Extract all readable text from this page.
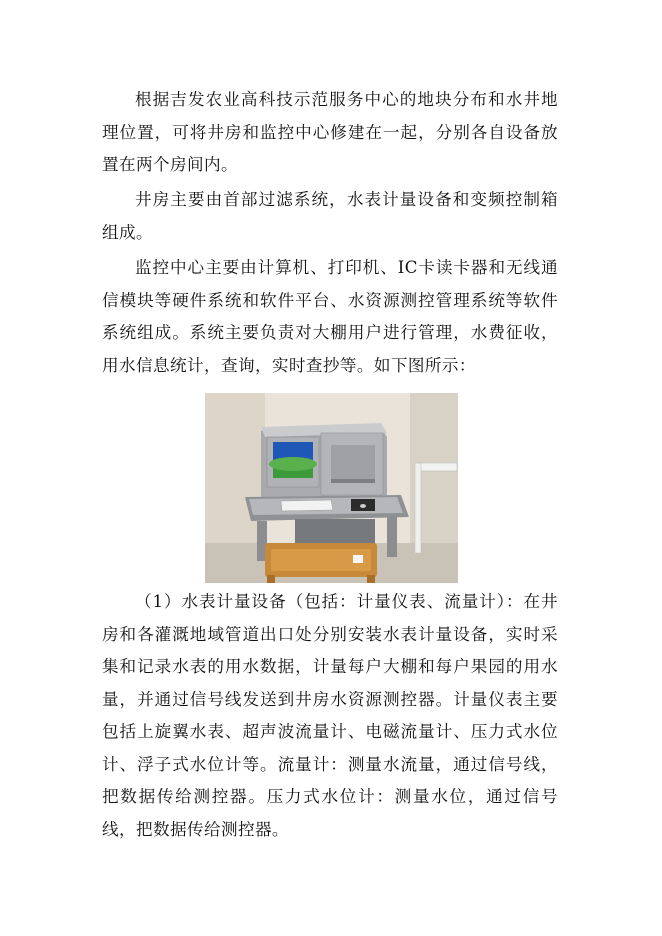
根据吉发农业高科技示范服务中心的地块分布和水井地理位置，可将井房和监控中心修建在一起，分别各自设备放置在两个房间内。

井房主要由首部过滤系统，水表计量设备和变频控制箱组成。

监控中心主要由计算机、打印机、IC卡读卡器和无线通信模块等硬件系统和软件平台、水资源测控管理系统等软件系统组成。系统主要负责对大棚用户进行管理，水费征收，用水信息统计，查询，实时查抄等。如下图所示：

（1）水表计量设备（包括：计量仪表、流量计）：在井房和各灌溉地域管道出口处分别安装水表计量设备，实时采集和记录水表的用水数据，计量每户大棚和每户果园的用水量，并通过信号线发送到井房水资源测控器。计量仪表主要包括上旋翼水表、超声波流量计、电磁流量计、压力式水位计、浮子式水位计等。流量计：测量水流量，通过信号线，把数据传给测控器。压力式水位计：测量水位，通过信号线，把数据传给测控器。
